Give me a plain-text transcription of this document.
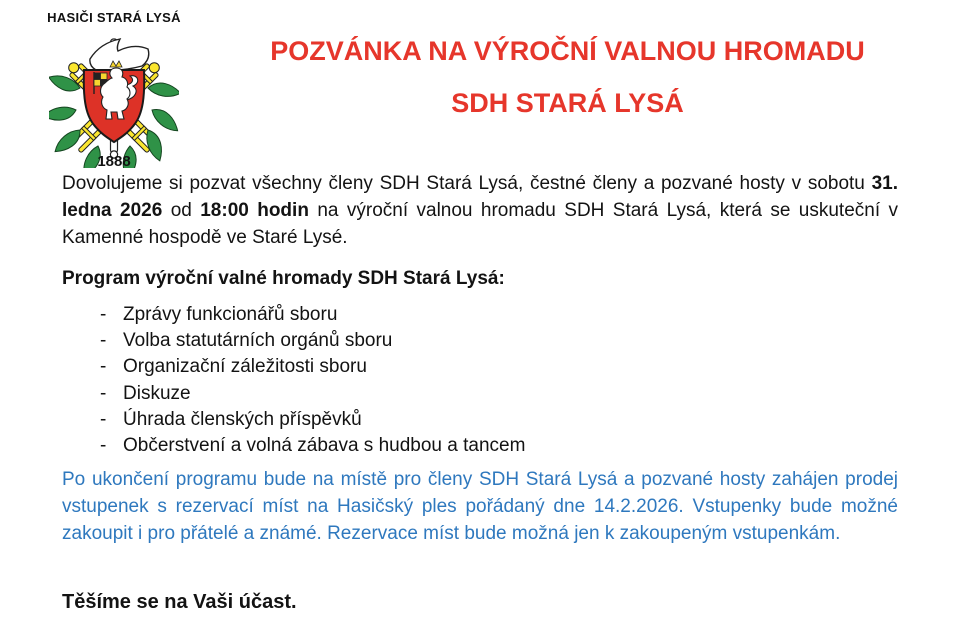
HASIČI STARÁ LYSÁ
1888
POZVÁNKA NA VÝROČNÍ VALNOU HROMADU
SDH STARÁ LYSÁ

Dovolujeme si pozvat všechny členy SDH Stará Lysá, čestné členy a pozvané hosty v sobotu 31. ledna 2026 od 18:00 hodin na výroční valnou hromadu SDH Stará Lysá, která se uskuteční v Kamenné hospodě ve Staré Lysé.

Program výroční valné hromady SDH Stará Lysá:
- Zprávy funkcionářů sboru
- Volba statutárních orgánů sboru
- Organizační záležitosti sboru
- Diskuze
- Úhrada členských příspěvků
- Občerstvení a volná zábava s hudbou a tancem

Po ukončení programu bude na místě pro členy SDH Stará Lysá a pozvané hosty zahájen prodej vstupenek s rezervací míst na Hasičský ples pořádaný dne 14.2.2026. Vstupenky bude možné zakoupit i pro přátelé a známé. Rezervace míst bude možná jen k zakoupeným vstupenkám.

Těšíme se na Vaši účast.
